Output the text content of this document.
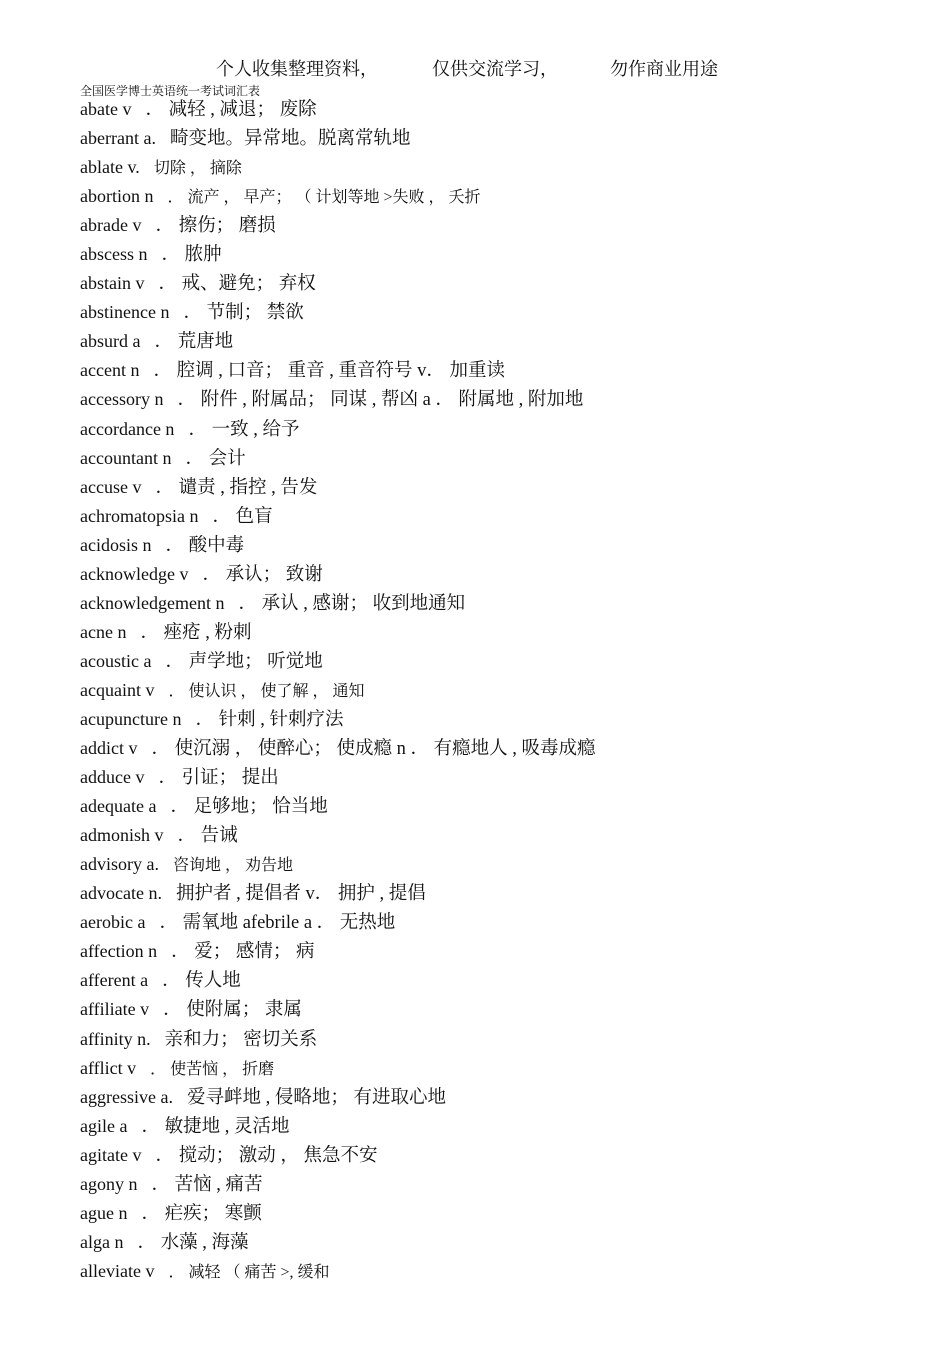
个人收集整理资料，	仅供交流学习，	勿作商业用途
全国医学博士英语统一考试词汇表
abate v ． 减轻 , 减退； 废除
aberrant a. 畸变地。异常地。脱离常轨地
ablate v. 切除 ， 摘除
abortion n ． 流产 ， 早产； （ 计划等地 >失败 ， 夭折
abrade v ． 擦伤； 磨损
abscess n ． 脓肿
abstain v ． 戒、避免； 弃权
abstinence n ． 节制； 禁欲
absurd a ． 荒唐地
accent n ． 腔调 , 口音； 重音 , 重音符号 v． 加重读
accessory n ． 附件 , 附属品； 同谋 , 帮凶 a ． 附属地 , 附加地
accordance n ． 一致 , 给予
accountant n ． 会计
accuse v ． 谴责 , 指控 , 告发
achromatopsia n ． 色盲
acidosis n ． 酸中毒
acknowledge v ． 承认； 致谢
acknowledgement n ． 承认 , 感谢； 收到地通知
acne n ． 痤疮 , 粉刺
acoustic a ． 声学地； 听觉地
acquaint v ． 使认识 ， 使了解 ， 通知
acupuncture n ． 针刺 , 针刺疗法
addict v ． 使沉溺 ， 使醉心； 使成瘾 n ． 有瘾地人 , 吸毒成瘾
adduce v ． 引证； 提出
adequate a ． 足够地； 恰当地
admonish v ． 告诫
advisory a. 咨询地 ， 劝告地
advocate n. 拥护者 , 提倡者 v． 拥护 , 提倡
aerobic a ． 需氧地 afebrile a ． 无热地
affection n ． 爱； 感情； 病
afferent a ． 传人地
affiliate v ． 使附属； 隶属
affinity n. 亲和力； 密切关系
afflict v ． 使苦恼 ， 折磨
aggressive a. 爱寻衅地 , 侵略地； 有进取心地
agile a ． 敏捷地 , 灵活地
agitate v ． 搅动； 激动 ， 焦急不安
agony n ． 苦恼 , 痛苦
ague n ． 疟疾； 寒颤
alga n ． 水藻 , 海藻
alleviate v ． 减轻 （ 痛苦 >, 缓和
